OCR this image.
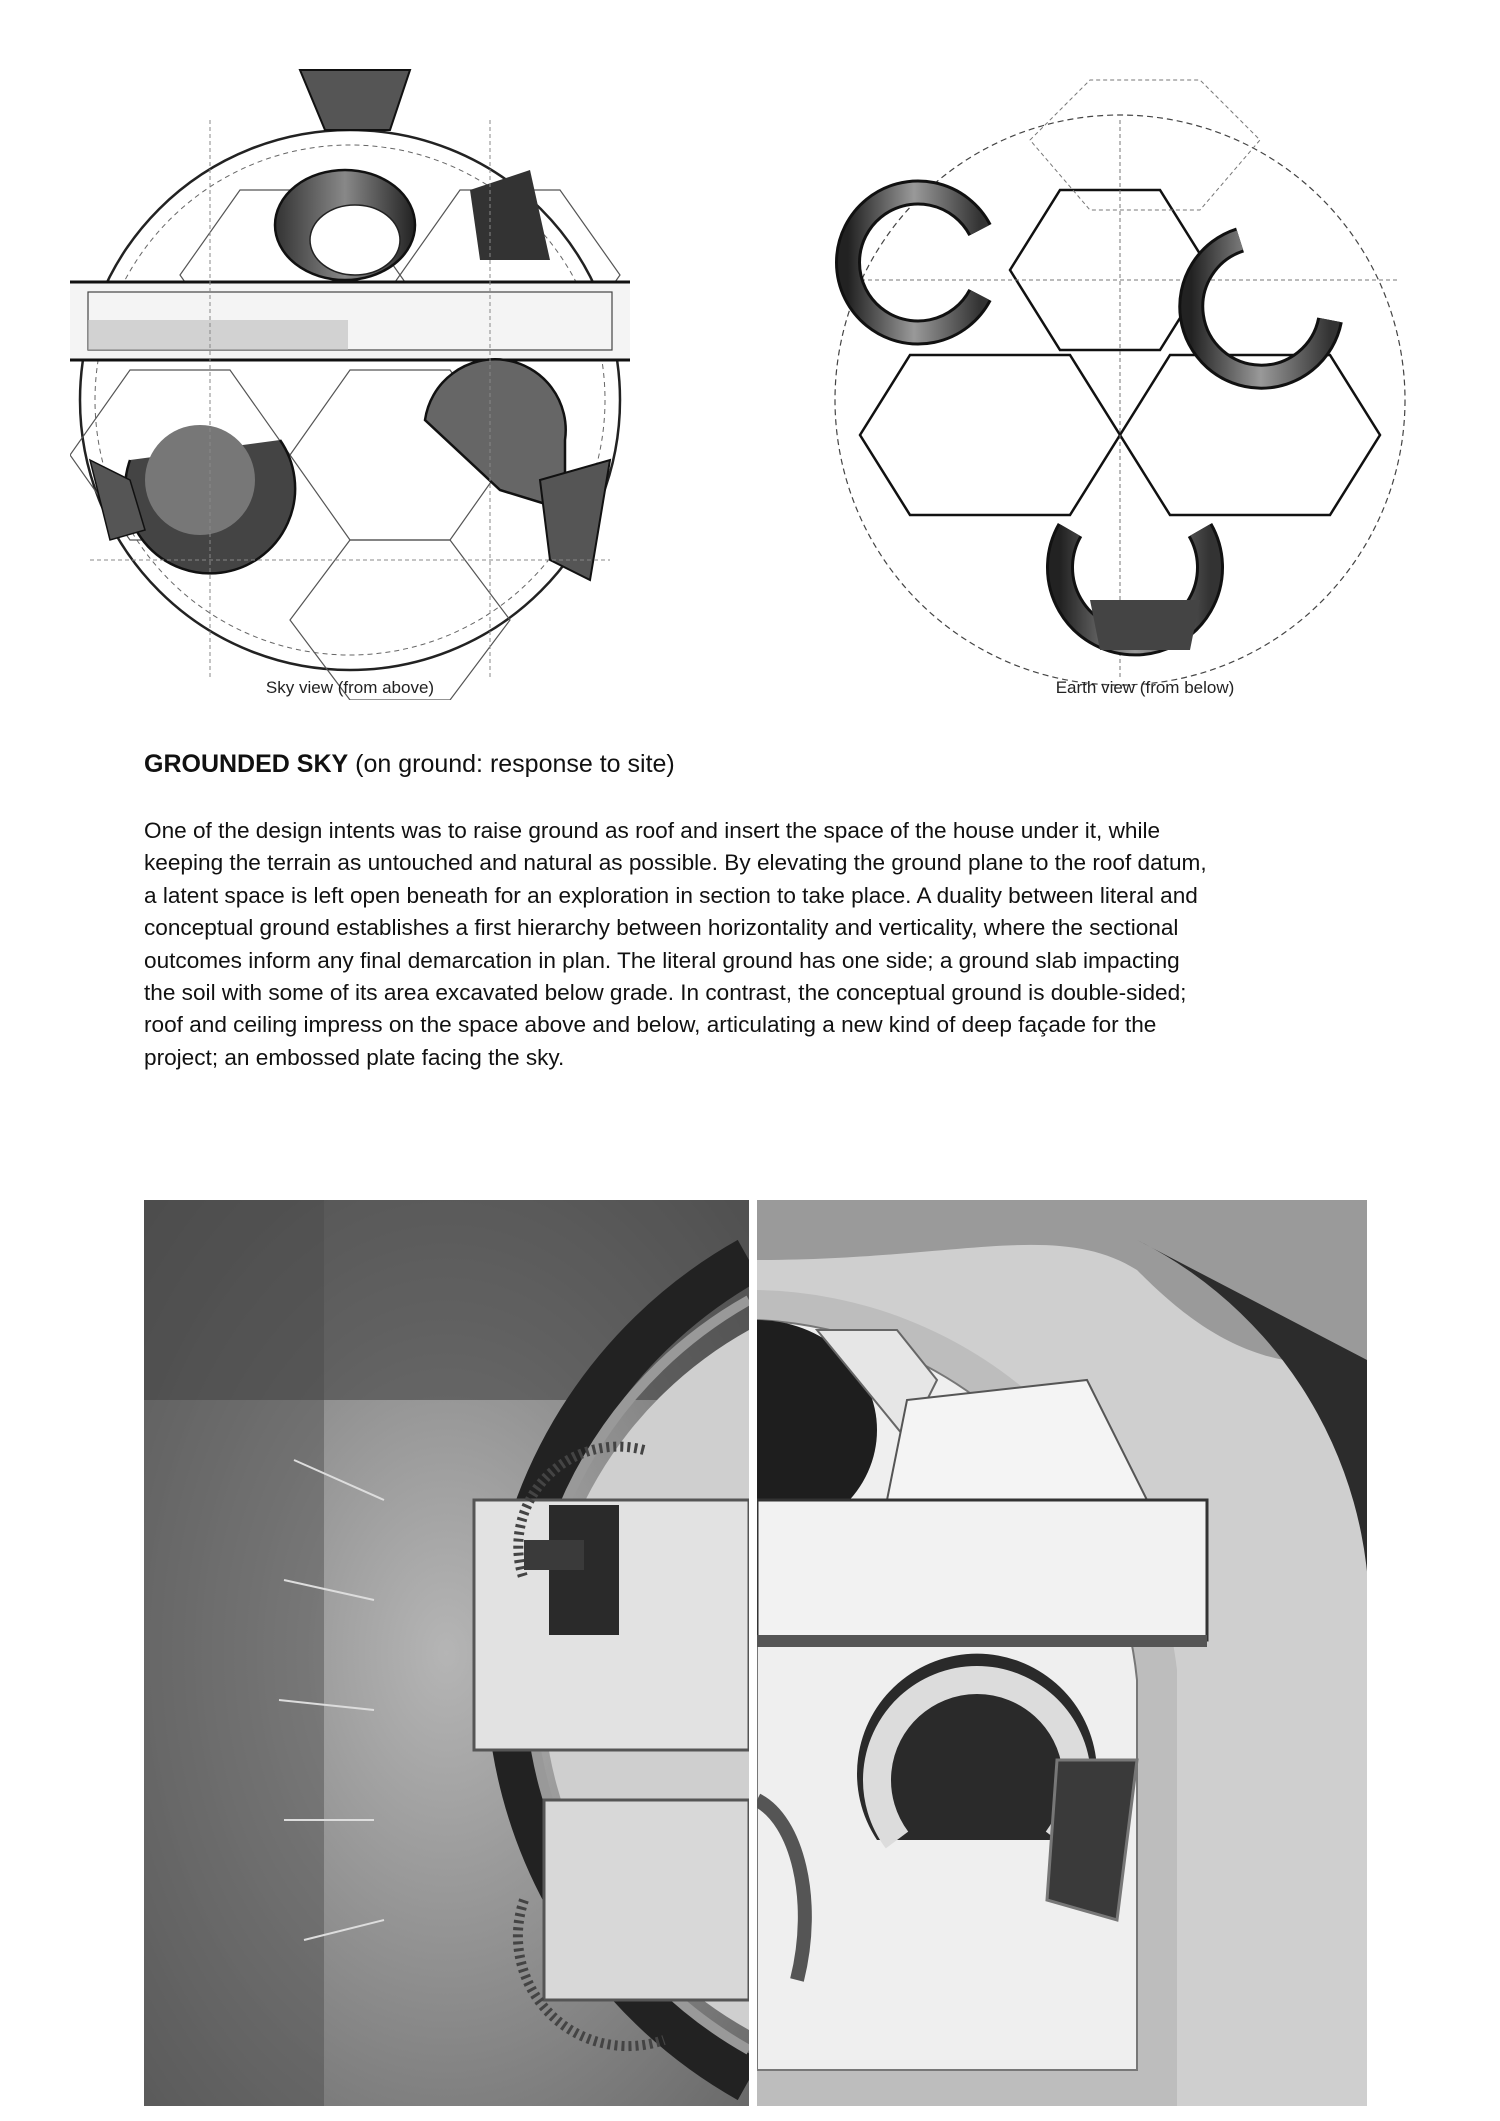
Sky view (from above)	Earth view (from below)
GROUNDED SKY (on ground: response to site)
One of the design intents was to raise ground as roof and insert the space of the house under it, while
keeping the terrain as untouched and natural as possible. By elevating the ground plane to the roof datum,
a latent space is left open beneath for an exploration in section to take place. A duality between literal and
conceptual ground establishes a first hierarchy between horizontality and verticality, where the sectional
outcomes inform any final demarcation in plan. The literal ground has one side; a ground slab impacting
the soil with some of its area excavated below grade. In contrast, the conceptual ground is double-sided;
roof and ceiling impress on the space above and below, articulating a new kind of deep façade for the
project; an embossed plate facing the sky.
